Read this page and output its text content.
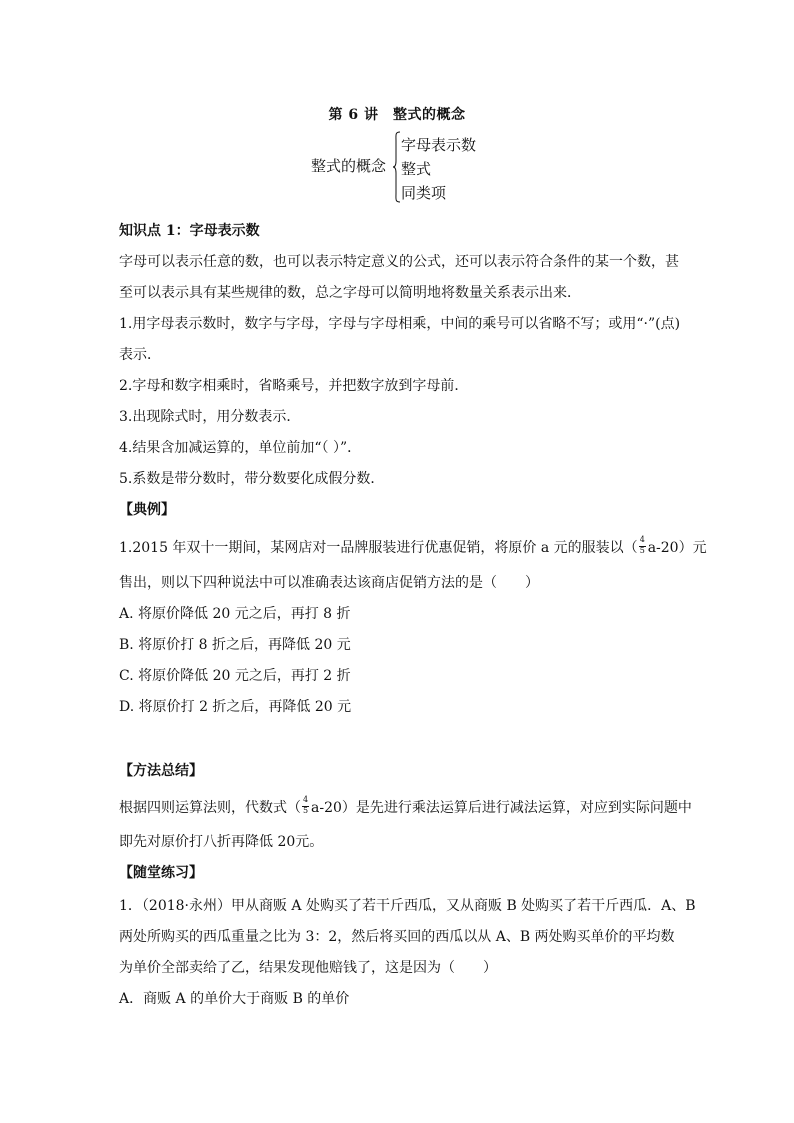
第 6 讲　整式的概念
整式的概念
字母表示数
整式
同类项
知识点 1：字母表示数
字母可以表示任意的数，也可以表示特定意义的公式，还可以表示符合条件的某一个数，甚
至可以表示具有某些规律的数，总之字母可以简明地将数量关系表示出来．
1.用字母表示数时，数字与字母，字母与字母相乘，中间的乘号可以省略不写；或用“·”(点)
表示．
2.字母和数字相乘时，省略乘号，并把数字放到字母前．
3.出现除式时，用分数表示．
4.结果含加减运算的，单位前加“（ ）”．
5.系数是带分数时，带分数要化成假分数．
【典例】
1.2015 年双十一期间，某网店对一品牌服装进行优惠促销，将原价 a 元的服装以（ $\frac{4}{5} a-20$）元
售出，则以下四种说法中可以准确表达该商店促销方法的是（　　）
A. 将原价降低 20 元之后，再打 8 折
B. 将原价打 8 折之后，再降低 20 元
C. 将原价降低 20 元之后，再打 2 折
D. 将原价打 2 折之后，再降低 20 元
【方法总结】
根据四则运算法则，代数式（ $\frac{4}{5} a-20$）是先进行乘法运算后进行减法运算，对应到实际问题中
即先对原价打八折再降低 20元。
【随堂练习】
1．（2018·永州）甲从商贩 A 处购买了若干斤西瓜，又从商贩 B 处购买了若干斤西瓜．A、B
两处所购买的西瓜重量之比为 3：2，然后将买回的西瓜以从 A、B 两处购买单价的平均数
为单价全部卖给了乙，结果发现他赔钱了，这是因为（　　）
A．商贩 A 的单价大于商贩 B 的单价
